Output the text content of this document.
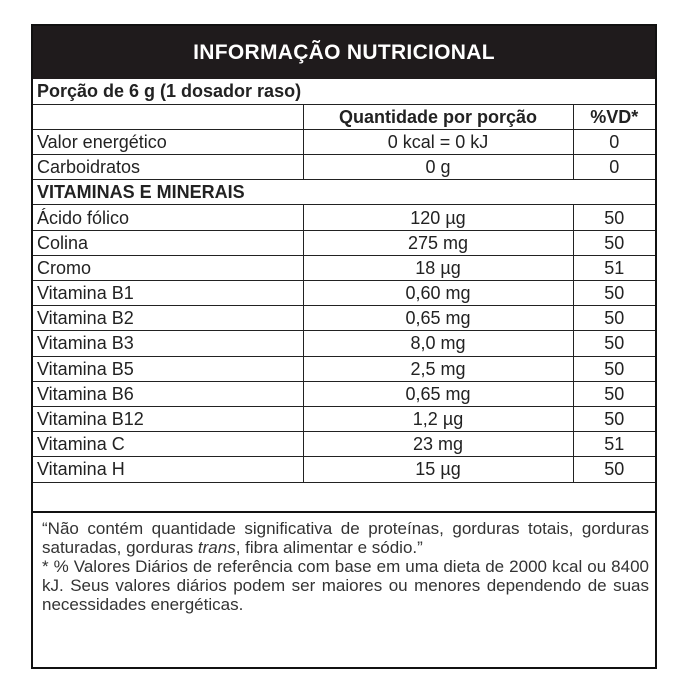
INFORMAÇÃO NUTRICIONAL
Porção de 6 g (1 dosador raso)		
	Quantidade por porção	%VD*
Valor energético	0 kcal = 0 kJ	0
Carboidratos	0 g	0
VITAMINAS E MINERAIS		
Ácido fólico	120 µg	50
Colina	275 mg	50
Cromo	18 µg	51
Vitamina B1	0,60 mg	50
Vitamina B2	0,65 mg	50
Vitamina B3	8,0 mg	50
Vitamina B5	2,5 mg	50
Vitamina B6	0,65 mg	50
Vitamina B12	1,2 µg	50
Vitamina C	23 mg	51
Vitamina H	15 µg	50

“Não contém quantidade significativa de proteínas, gorduras totais, gorduras saturadas, gorduras trans, fibra alimentar e sódio.”

* % Valores Diários de referência com base em uma dieta de 2000 kcal ou 8400 kJ. Seus valores diários podem ser maiores ou menores dependendo de suas necessidades energéticas.
